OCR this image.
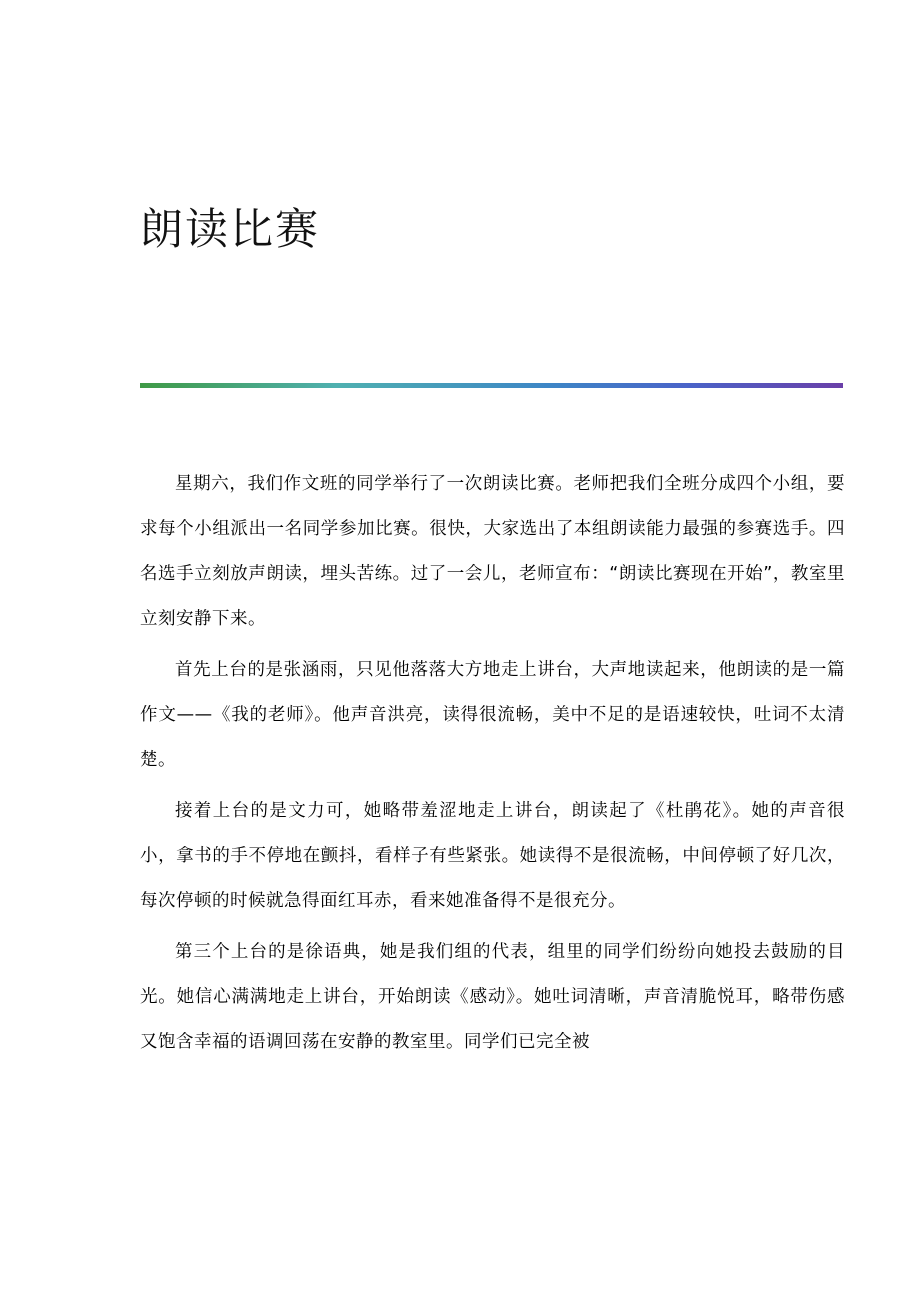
朗读比赛

星期六，我们作文班的同学举行了一次朗读比赛。老师把我们全班分成四个小组，要求每个小组派出一名同学参加比赛。很快，大家选出了本组朗读能力最强的参赛选手。四名选手立刻放声朗读，埋头苦练。过了一会儿，老师宣布：“朗读比赛现在开始”，教室里立刻安静下来。

首先上台的是张涵雨，只见他落落大方地走上讲台，大声地读起来，他朗读的是一篇作文——《我的老师》。他声音洪亮，读得很流畅，美中不足的是语速较快，吐词不太清楚。

接着上台的是文力可，她略带羞涩地走上讲台，朗读起了《杜鹃花》。她的声音很小，拿书的手不停地在颤抖，看样子有些紧张。她读得不是很流畅，中间停顿了好几次，每次停顿的时候就急得面红耳赤，看来她准备得不是很充分。

第三个上台的是徐语典，她是我们组的代表，组里的同学们纷纷向她投去鼓励的目光。她信心满满地走上讲台，开始朗读《感动》。她吐词清晰，声音清脆悦耳，略带伤感又饱含幸福的语调回荡在安静的教室里。同学们已完全被
